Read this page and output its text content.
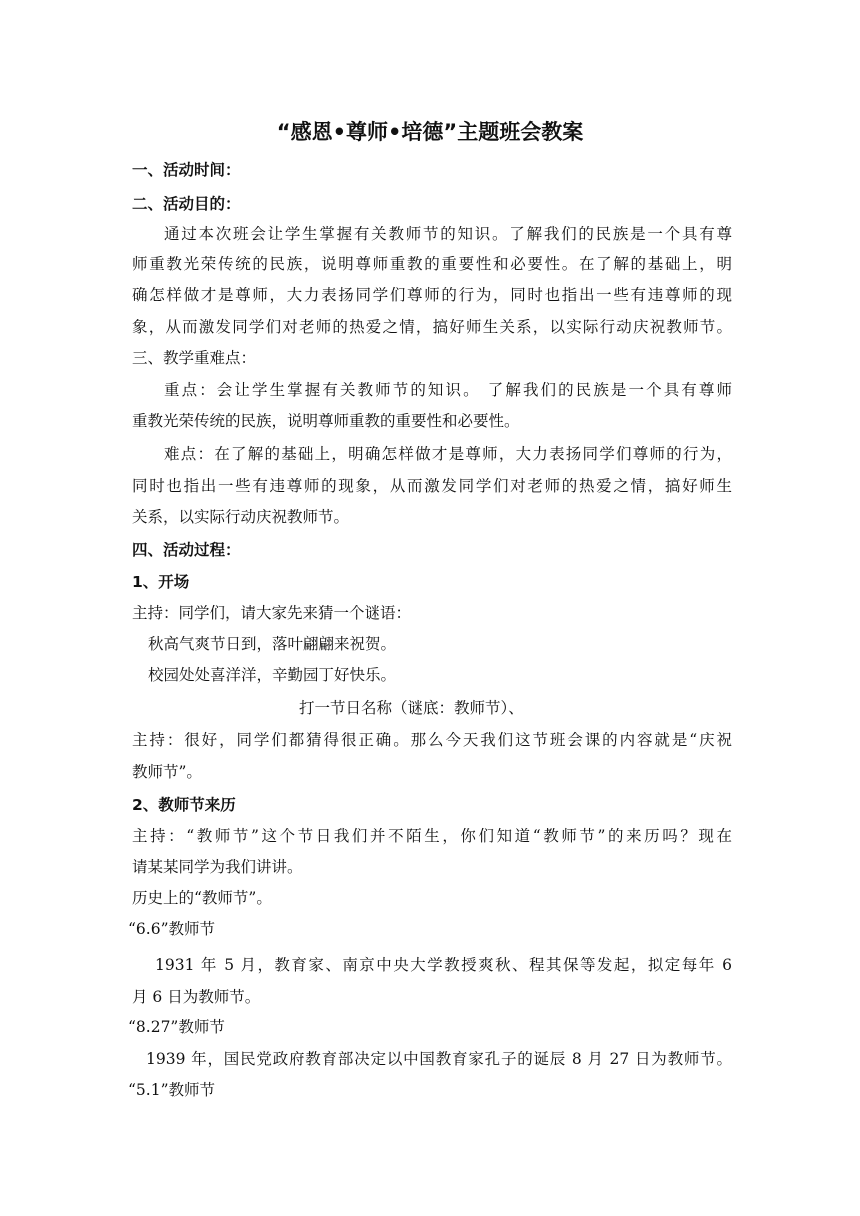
“感恩•尊师•培德”主题班会教案
一、活动时间：
二、活动目的：
通过本次班会让学生掌握有关教师节的知识。了解我们的民族是一个具有尊
师重教光荣传统的民族，说明尊师重教的重要性和必要性。在了解的基础上，明
确怎样做才是尊师，大力表扬同学们尊师的行为，同时也指出一些有违尊师的现
象，从而激发同学们对老师的热爱之情，搞好师生关系，以实际行动庆祝教师节。
三、教学重难点：
重点：会让学生掌握有关教师节的知识。 了解我们的民族是一个具有尊师
重教光荣传统的民族，说明尊师重教的重要性和必要性。
难点：在了解的基础上，明确怎样做才是尊师，大力表扬同学们尊师的行为，
同时也指出一些有违尊师的现象，从而激发同学们对老师的热爱之情，搞好师生
关系，以实际行动庆祝教师节。
四、活动过程：
1、开场
主持：同学们，请大家先来猜一个谜语：
秋高气爽节日到，落叶翩翩来祝贺。
校园处处喜洋洋，辛勤园丁好快乐。
打一节日名称（谜底：教师节）、
主持：很好，同学们都猜得很正确。那么今天我们这节班会课的内容就是“庆祝
教师节”。
2、教师节来历
主持：“教师节”这个节日我们并不陌生，你们知道“教师节”的来历吗？现在
请某某同学为我们讲讲。
历史上的“教师节”。
“6.6”教师节
1931 年 5 月，教育家、南京中央大学教授爽秋、程其保等发起，拟定每年 6
月 6 日为教师节。
“8.27”教师节
1939 年，国民党政府教育部决定以中国教育家孔子的诞辰 8 月 27 日为教师节。
“5.1”教师节
